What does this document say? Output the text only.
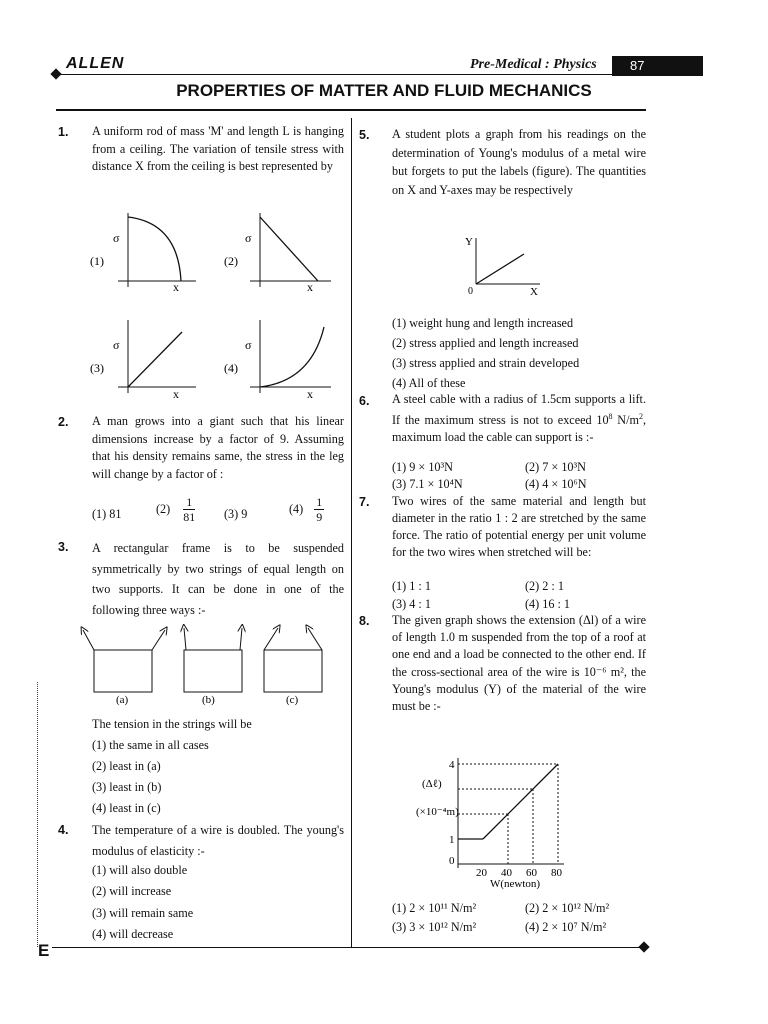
ALLEN	Pre-Medical : Physics	87
PROPERTIES OF MATTER AND FLUID MECHANICS
1. A uniform rod of mass 'M' and length L is hanging from a ceiling. The variation of tensile stress with distance X from the ceiling is best represented by
(1)	(2)
(3)	(4)
σ	σ
σ	σ
x	x
x	x
2. A man grows into a giant such that his linear dimensions increase by a factor of 9. Assuming that his density remains same, the stress in the leg will change by a factor of :
(1) 81	$(2) \frac{1}{81} (3)$ 9	$(4) \frac{1}{9}$
3. A rectangular frame is to be suspended symmetrically by two strings of equal length on two supports. It can be done in one of the following three ways :-
(a)	(b)	(c)
The tension in the strings will be
(1) the same in all cases
(2) least in (a)
(3) least in (b)
(4) least in (c)
4. The temperature of a wire is doubled. The young's modulus of elasticity :-
(1) will also double
(2) will increase
(3) will remain same
(4) will decrease
5. A student plots a graph from his readings on the determination of Young's modulus of a metal wire but forgets to put the labels (figure). The quantities on X and Y-axes may be respectively
Y
X
0
(1) weight hung and length increased
(2) stress applied and length increased
(3) stress applied and strain developed
(4) All of these
6. A steel cable with a radius of 1.5cm supports a lift. If the maximum stress is not to exceed $10^8$ $N/m^2$, maximum load the cable can support is :-
(1) 9 × 10³N	(2) 7 × 10³N
(3) 7.1 × 10⁴N	(4) 4 × 10⁶N
7. Two wires of the same material and length but diameter in the ratio 1 : 2 are stretched by the same force. The ratio of potential energy per unit volume for the two wires when stretched will be:
(1) 1 : 1	(2) 2 : 1
(3) 4 : 1	(4) 16 : 1
8. The given graph shows the extension (Δl) of a wire of length 1.0 m suspended from the top of a roof at one end and a load be connected to the other end. If the cross-sectional area of the wire is 10⁻⁶ m², the Young's modulus (Y) of the material of the wire must be :-
4
1
0
20 40 60 80
(Δℓ)
(×10⁻⁴m)
W(newton)
(1) 2 × 10¹¹ N/m²	(2) 2 × 10¹² N/m²
(3) 3 × 10¹² N/m²	(4) 2 × 10⁷ N/m²
E
